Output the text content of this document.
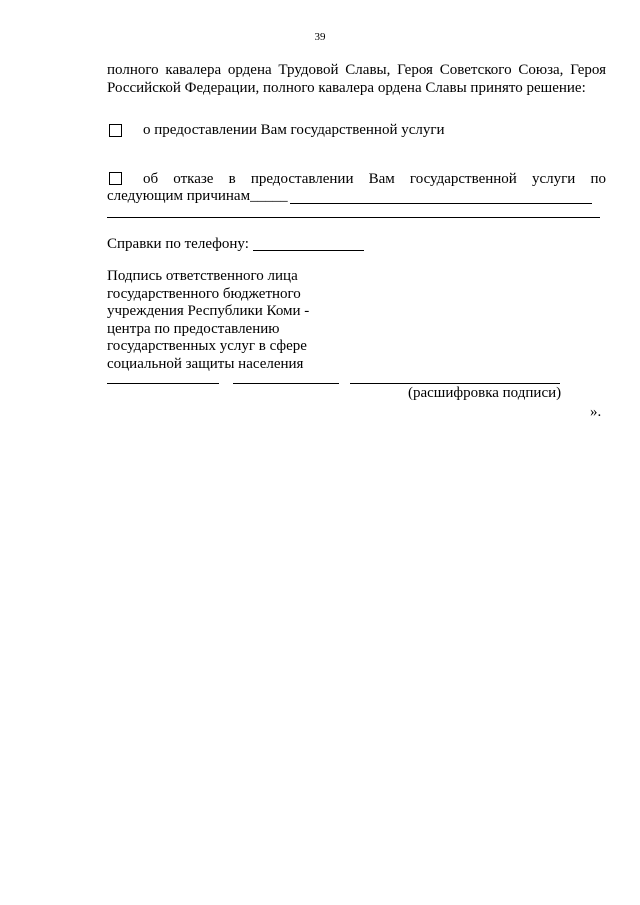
39
полного кавалера ордена Трудовой Славы, Героя Советского Союза, Героя
Российской Федерации, полного кавалера ордена Славы принято решение:
о предоставлении Вам государственной услуги
об отказе в предоставлении Вам государственной услуги по
следующим причинам_____
Справки по телефону:
Подпись ответственного лица
государственного бюджетного
учреждения Республики Коми -
центра по предоставлению
государственных услуг в сфере
социальной защиты населения
(расшифровка подписи)
».
